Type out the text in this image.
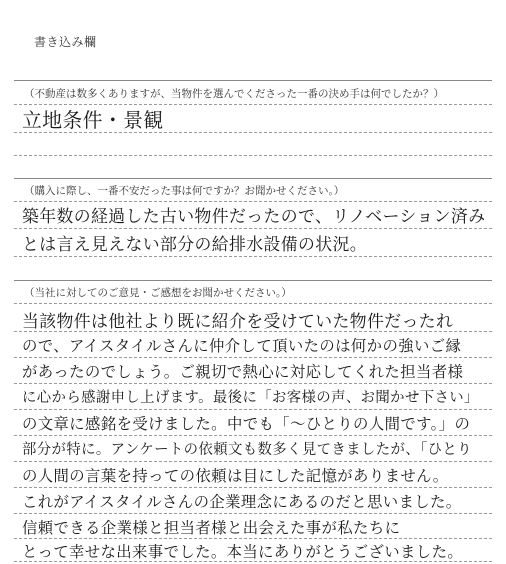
書き込み欄
（不動産は数多くありますが、当物件を選んでくださった一番の決め手は何でしたか？）
立地条件・景観
（購入に際し、一番不安だった事は何ですか？お聞かせください。）
築年数の経過した古い物件だったので、リノベーション済み
とは言え見えない部分の給排水設備の状況。
（当社に対してのご意見・ご感想をお聞かせください。）
当該物件は他社より既に紹介を受けていた物件だったれ
ので、アイスタイルさんに仲介して頂いたのは何かの強いご縁
があったのでしょう。ご親切で熱心に対応してくれた担当者様
に心から感謝申し上げます。最後に「お客様の声、お聞かせ下さい」
の文章に感銘を受けました。中でも「〜ひとりの人間です。」の
部分が特に。アンケートの依頼文も数多く見てきましたが、「ひとり
の人間の言葉を持っての依頼は目にした記憶がありません。
これがアイスタイルさんの企業理念にあるのだと思いました。
信頼できる企業様と担当者様と出会えた事が私たちに
とって幸せな出来事でした。本当にありがとうございました。
